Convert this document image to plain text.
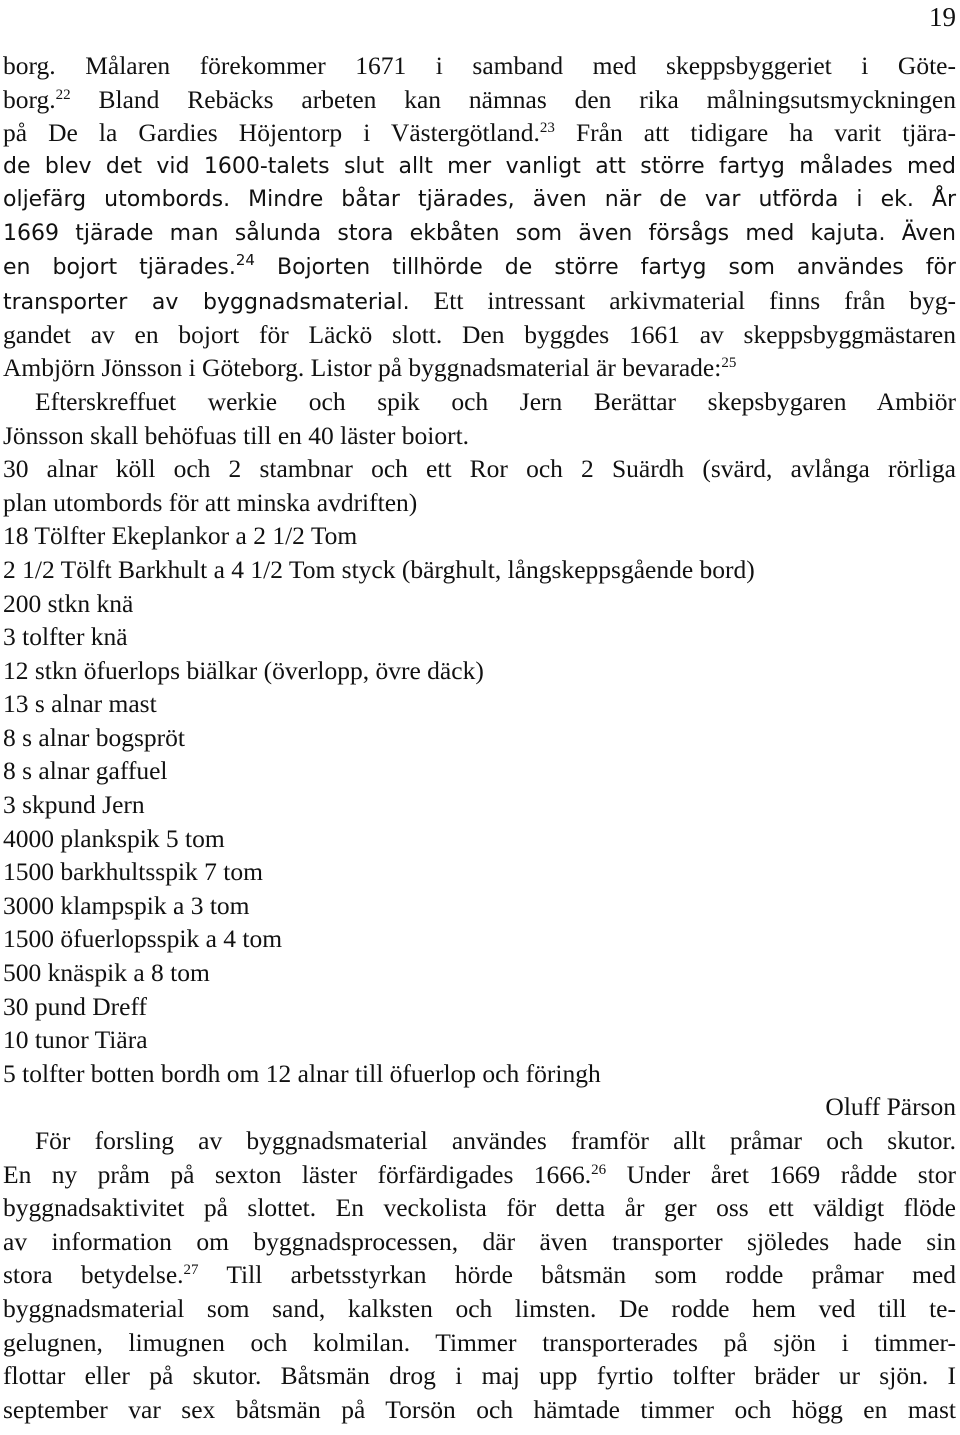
19
borg. Målaren förekommer 1671 i samband med skeppsbyggeriet i Göte-
borg.$^{22}$ Bland Rebäcks arbeten kan nämnas den rika målningsutsmyckningen
på De la Gardies Höjentorp i Västergötland.$^{23}$ Från att tidigare ha varit tjära-
de blev det vid 1600-talets slut allt mer vanligt att större fartyg målades med
oljefärg utombords. Mindre båtar tjärades, även när de var utförda i ek. År
1669 tjärade man sålunda stora ekbåten som även försågs med kajuta. Även
en bojort tjärades.$^{24}$ Bojorten tillhörde de större fartyg som användes för
transporter av byggnadsmaterial. Ett intressant arkivmaterial finns från byg-
gandet av en bojort för Läckö slott. Den byggdes 1661 av skeppsbyggmästaren
Ambjörn Jönsson i Göteborg. Listor på byggnadsmaterial är bevarade:$^{25}$
Efterskreffuet werkie och spik och Jern Berättar skepsbygaren Ambiör
Jönsson skall behöfuas till en 40 läster boiort.
30 alnar köll och 2 stambnar och ett Ror och 2 Suärdh (svärd, avlånga rörliga
plan utombords för att minska avdriften)
18 Tölfter Ekeplankor a 2 1/2 Tom
2 1/2 Tölft Barkhult a 4 1/2 Tom styck (bärghult, långskeppsgående bord)
200 stkn knä
3 tolfter knä
12 stkn öfuerlops biälkar (överlopp, övre däck)
13 s alnar mast
8 s alnar bogspröt
8 s alnar gaffuel
3 skpund Jern
4000 plankspik 5 tom
1500 barkhultsspik 7 tom
3000 klampspik a 3 tom
1500 öfuerlopsspik a 4 tom
500 knäspik a 8 tom
30 pund Dreff
10 tunor Tiära
5 tolfter botten bordh om 12 alnar till öfuerlop och föringh
Oluff Pärson
För forsling av byggnadsmaterial användes framför allt pråmar och skutor.
En ny pråm på sexton läster förfärdigades 1666.26 Under året 1669 rådde stor
byggnadsaktivitet på slottet. En veckolista för detta år ger oss ett väldigt flöde
av information om byggnadsprocessen, där även transporter sjöledes hade sin
stora betydelse.$^{27}$ Till arbetsstyrkan hörde båtsmän som rodde pråmar med
byggnadsmaterial som sand, kalksten och limsten. De rodde hem ved till te-
gelugnen, limugnen och kolmilan. Timmer transporterades på sjön i timmer-
flottar eller på skutor. Båtsmän drog i maj upp fyrtio tolfter bräder ur sjön. I
september var sex båtsmän på Torsön och hämtade timmer och högg en mast
